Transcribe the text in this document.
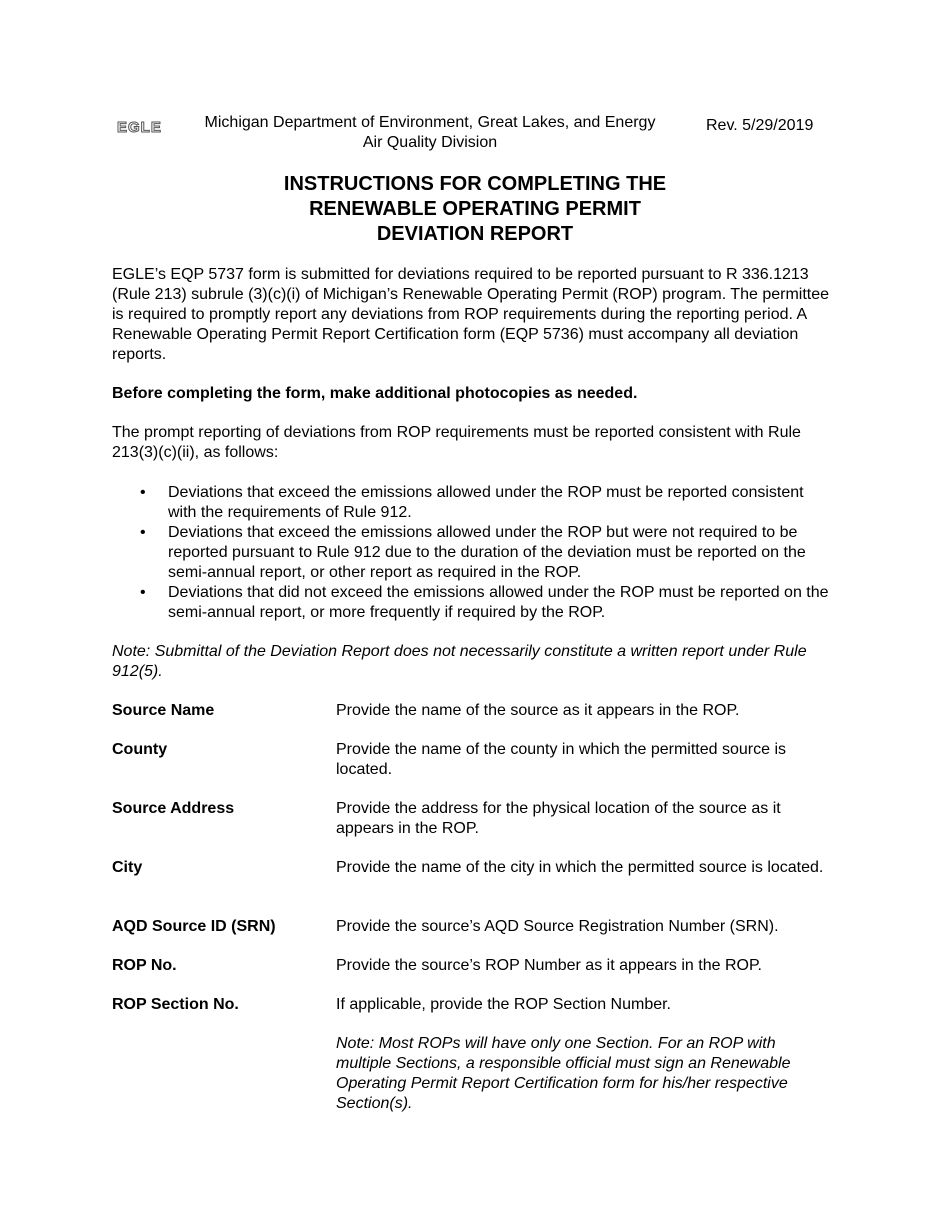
EGLE	Michigan Department of Environment, Great Lakes, and Energy
Air Quality Division
Rev. 5/29/2019
INSTRUCTIONS FOR COMPLETING THE
RENEWABLE OPERATING PERMIT
DEVIATION REPORT
EGLE’s EQP 5737 form is submitted for deviations required to be reported pursuant to R 336.1213 (Rule 213) subrule (3)(c)(i) of Michigan’s Renewable Operating Permit (ROP) program. The permittee is required to promptly report any deviations from ROP requirements during the reporting period. A Renewable Operating Permit Report Certification form (EQP 5736) must accompany all deviation reports.
Before completing the form, make additional photocopies as needed.
The prompt reporting of deviations from ROP requirements must be reported consistent with Rule 213(3)(c)(ii), as follows:
• Deviations that exceed the emissions allowed under the ROP must be reported consistent with the requirements of Rule 912.
• Deviations that exceed the emissions allowed under the ROP but were not required to be reported pursuant to Rule 912 due to the duration of the deviation must be reported on the semi-annual report, or other report as required in the ROP.
• Deviations that did not exceed the emissions allowed under the ROP must be reported on the semi-annual report, or more frequently if required by the ROP.
Note: Submittal of the Deviation Report does not necessarily constitute a written report under Rule 912(5).
Source Name	Provide the name of the source as it appears in the ROP.
County	Provide the name of the county in which the permitted source is located.
Source Address	Provide the address for the physical location of the source as it appears in the ROP.
City	Provide the name of the city in which the permitted source is located.
AQD Source ID (SRN)	Provide the source’s AQD Source Registration Number (SRN).
ROP No.	Provide the source’s ROP Number as it appears in the ROP.
ROP Section No.	If applicable, provide the ROP Section Number.
Note: Most ROPs will have only one Section. For an ROP with multiple Sections, a responsible official must sign an Renewable Operating Permit Report Certification form for his/her respective Section(s).
